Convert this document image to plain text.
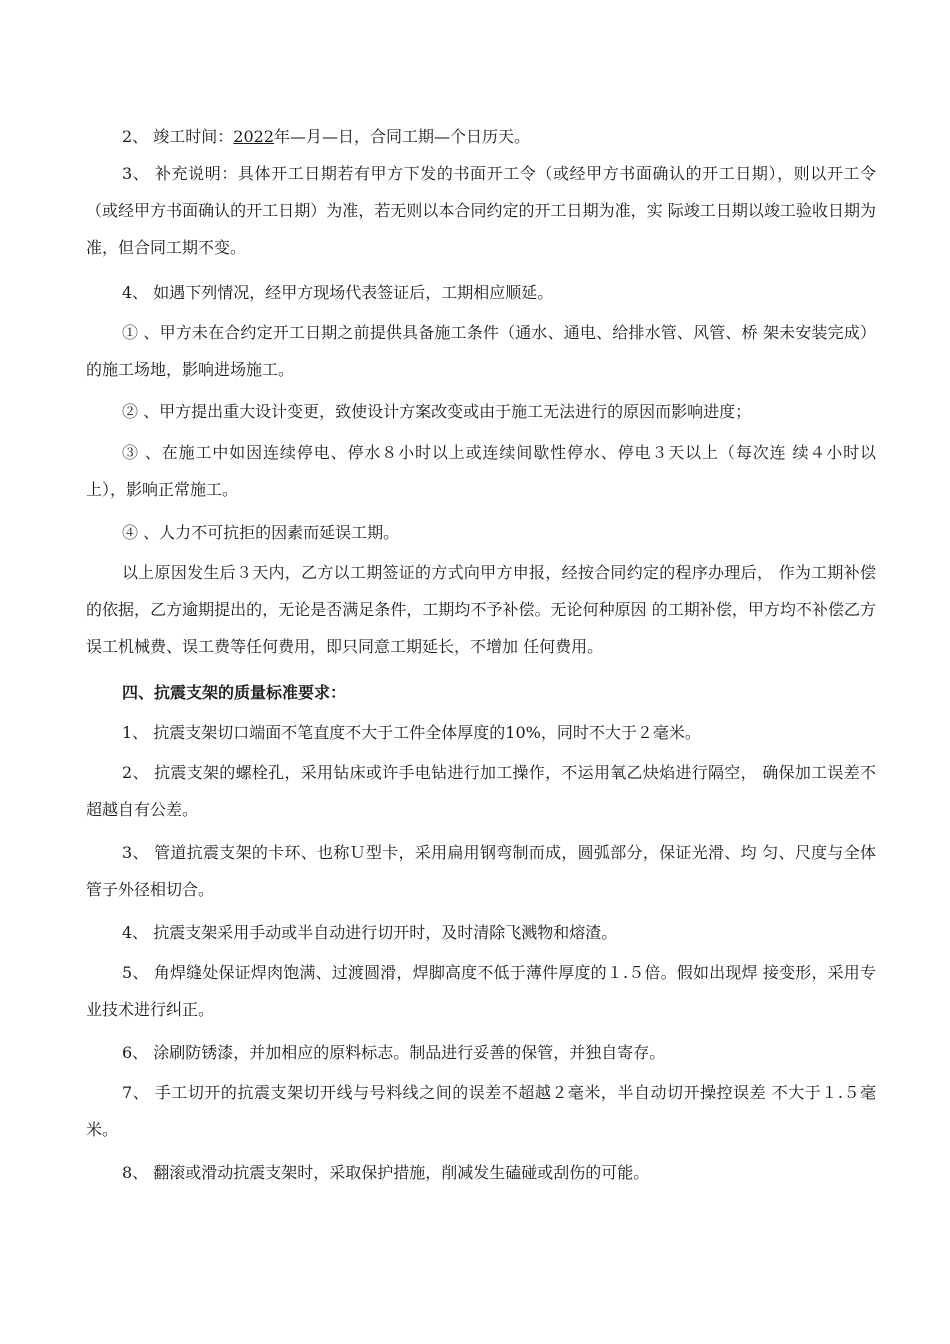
2、 竣工时间：2022年—月—日，合同工期—个日历天。

3、 补充说明：具体开工日期若有甲方下发的书面开工令（或经甲方书面确认的开工日期），则以开工令（或经甲方书面确认的开工日期）为准，若无则以本合同约定的开工日期为准，实 际竣工日期以竣工验收日期为准，但合同工期不变。

4、 如遇下列情况，经甲方现场代表签证后，工期相应顺延。

① 、甲方未在合约定开工日期之前提供具备施工条件（通水、通电、给排水管、风管、桥 架未安装完成）的施工场地，影响进场施工。

② 、甲方提出重大设计变更，致使设计方案改变或由于施工无法进行的原因而影响进度；

③ 、在施工中如因连续停电、停水８小时以上或连续间歇性停水、停电３天以上（每次连 续４小时以上），影响正常施工。

④ 、人力不可抗拒的因素而延误工期。

以上原因发生后３天内，乙方以工期签证的方式向甲方申报，经按合同约定的程序办理后， 作为工期补偿的依据，乙方逾期提出的，无论是否满足条件，工期均不予补偿。无论何种原因 的工期补偿，甲方均不补偿乙方误工机械费、误工费等任何费用，即只同意工期延长，不增加 任何费用。

四、抗震支架的质量标准要求：

1、 抗震支架切口端面不笔直度不大于工件全体厚度的10%，同时不大于２毫米。

2、 抗震支架的螺栓孔，采用钻床或许手电钻进行加工操作，不运用氧乙炔焰进行隔空， 确保加工误差不超越自有公差。

3、 管道抗震支架的卡环、也称Ｕ型卡，采用扁用钢弯制而成，圆弧部分，保证光滑、均 匀、尺度与全体管子外径相切合。

4、 抗震支架采用手动或半自动进行切开时，及时清除飞溅物和熔渣。

5、 角焊缝处保证焊肉饱满、过渡圆滑，焊脚高度不低于薄件厚度的１.５倍。假如出现焊 接变形，采用专业技术进行纠正。

6、 涂刷防锈漆，并加相应的原料标志。制品进行妥善的保管，并独自寄存。

7、 手工切开的抗震支架切开线与号料线之间的误差不超越２毫米，半自动切开操控误差 不大于１.５毫米。

8、 翻滚或滑动抗震支架时，采取保护措施，削减发生磕碰或刮伤的可能。
